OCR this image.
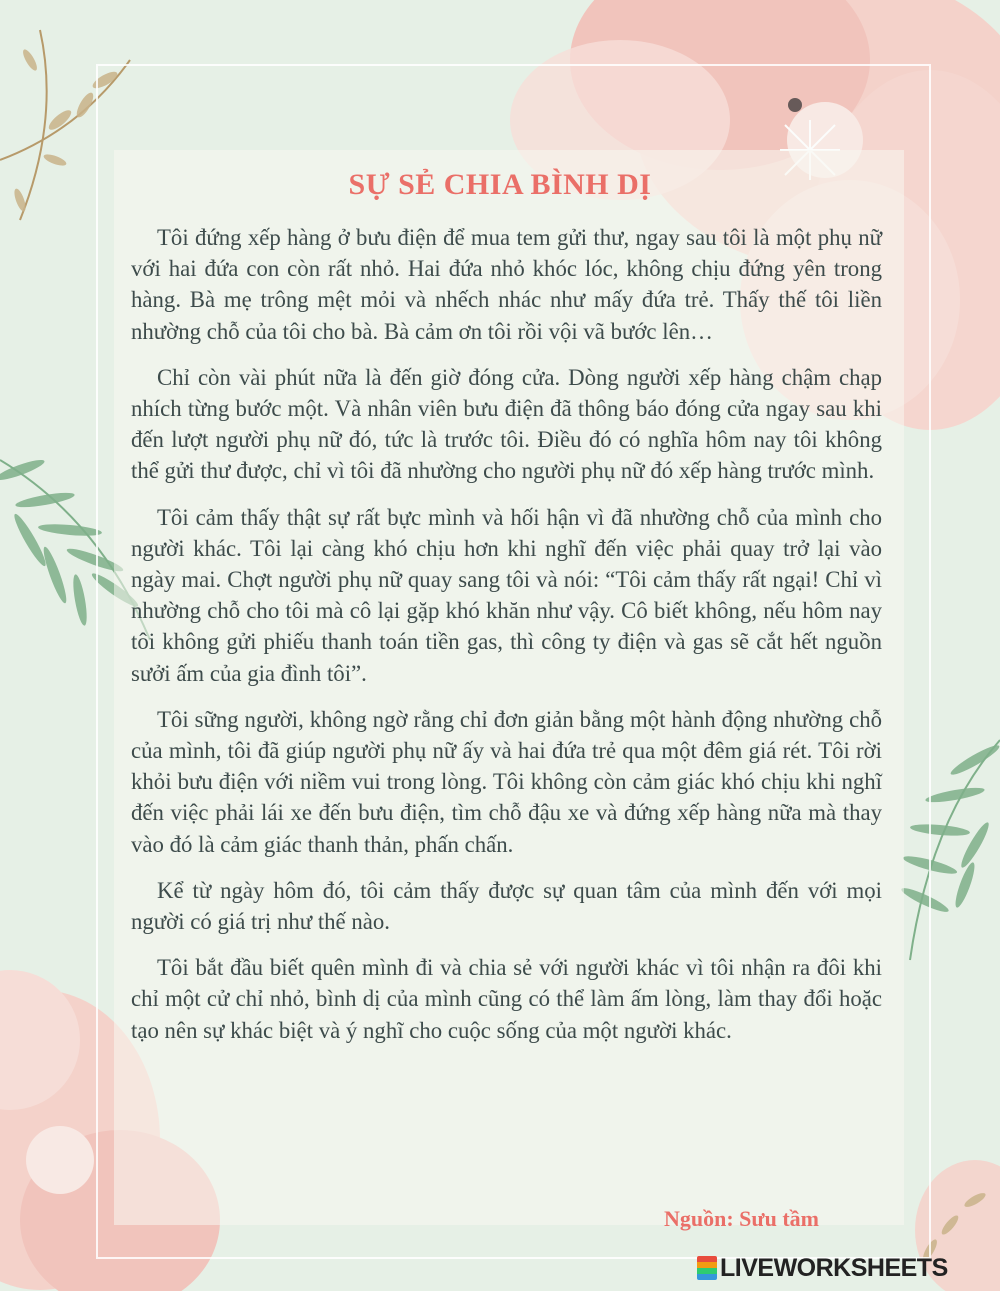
SỰ SẺ CHIA BÌNH DỊ

Tôi đứng xếp hàng ở bưu điện để mua tem gửi thư, ngay sau tôi là một phụ nữ với hai đứa con còn rất nhỏ. Hai đứa nhỏ khóc lóc, không chịu đứng yên trong hàng. Bà mẹ trông mệt mỏi và nhếch nhác như mấy đứa trẻ. Thấy thế tôi liền nhường chỗ của tôi cho bà. Bà cảm ơn tôi rồi vội vã bước lên…

Chỉ còn vài phút nữa là đến giờ đóng cửa. Dòng người xếp hàng chậm chạp nhích từng bước một. Và nhân viên bưu điện đã thông báo đóng cửa ngay sau khi đến lượt người phụ nữ đó, tức là trước tôi. Điều đó có nghĩa hôm nay tôi không thể gửi thư được, chỉ vì tôi đã nhường cho người phụ nữ đó xếp hàng trước mình.

Tôi cảm thấy thật sự rất bực mình và hối hận vì đã nhường chỗ của mình cho người khác. Tôi lại càng khó chịu hơn khi nghĩ đến việc phải quay trở lại vào ngày mai. Chợt người phụ nữ quay sang tôi và nói: “Tôi cảm thấy rất ngại! Chỉ vì nhường chỗ cho tôi mà cô lại gặp khó khăn như vậy. Cô biết không, nếu hôm nay tôi không gửi phiếu thanh toán tiền gas, thì công ty điện và gas sẽ cắt hết nguồn sưởi ấm của gia đình tôi”.

Tôi sững người, không ngờ rằng chỉ đơn giản bằng một hành động nhường chỗ của mình, tôi đã giúp người phụ nữ ấy và hai đứa trẻ qua một đêm giá rét. Tôi rời khỏi bưu điện với niềm vui trong lòng. Tôi không còn cảm giác khó chịu khi nghĩ đến việc phải lái xe đến bưu điện, tìm chỗ đậu xe và đứng xếp hàng nữa mà thay vào đó là cảm giác thanh thản, phấn chấn.

Kể từ ngày hôm đó, tôi cảm thấy được sự quan tâm của mình đến với mọi người có giá trị như thế nào.

Tôi bắt đầu biết quên mình đi và chia sẻ với người khác vì tôi nhận ra đôi khi chỉ một cử chỉ nhỏ, bình dị của mình cũng có thể làm ấm lòng, làm thay đổi hoặc tạo nên sự khác biệt và ý nghĩ cho cuộc sống của một người khác.

Nguồn: Sưu tầm
LIVEWORKSHEETS
